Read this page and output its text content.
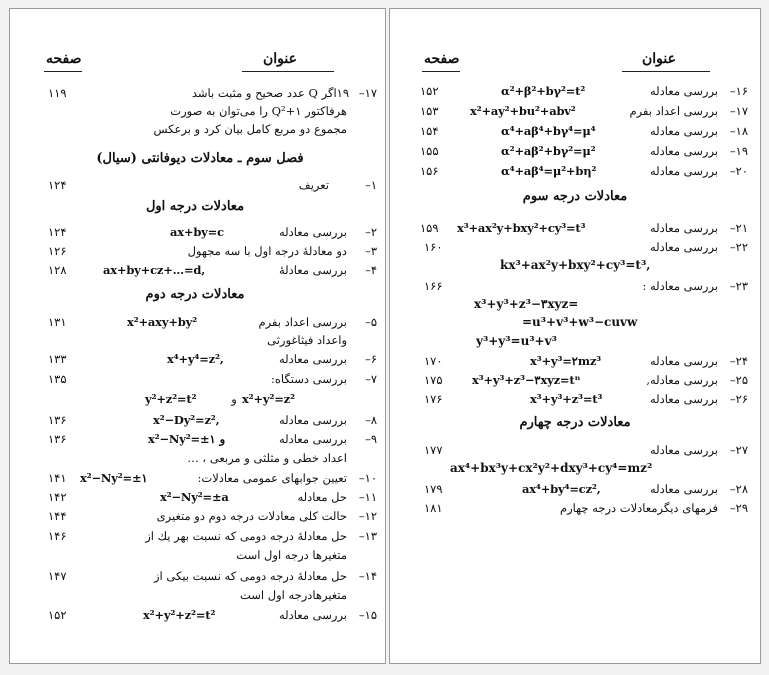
عنوان
صفحه
۱۱۹	۱۷–
۱۹اگر Q عدد صحیح و مثبت باشد
هرفاکتور ۱+Q² را می‌توان به صورت
مجموع دو مربع کامل بیان کرد و برعکس
فصل سوم ـ معادلات دیوفانتی (سیال)
۱۲۴	۱–
تعریف
معادلات درجه اول
۱۲۴	ax+by=c	بررسی معادله	۲–
۱۲۶	دو معادلهٔ درجه اول با سه مجهول	۳–
۱۲۸	ax+by+cz+…=d,	بررسی معادلهٔ	۴–
معادلات درجه دوم
۱۳۱	x²+axy+by²	بررسی اعداد بفرم	۵–
واعداد فیثاغورثی
۱۳۳	x⁴+y⁴=z²,	بررسی معادله	۶–
۱۳۵	بررسی دستگاه:	۷–
y²+z²=t²	و x²+y²=z²
۱۳۶	x²−Dy²=z²,	بررسی معادله	۸–
۱۳۶	x²−Ny²=±۱ و	بررسی معادله	۹–
اعداد خطی و مثلثی و مربعی ، …
۱۴۱	x²−Ny²=±۱	تعیین جوابهای عمومی معادلات:	۱۰–
۱۴۲	x²−Ny²=±a	حل معادله	۱۱–
۱۴۴	حالت کلی معادلات درجه دوم دو متغیری	۱۲–
۱۴۶	حل معادلهٔ درجه دومی که نسبت بهر یك از	۱۳–
متغیرها درجه اول است
۱۴۷	حل معادلهٔ درجه دومی که نسبت بیکی از	۱۴–
متغیرهادرجه اول است
۱۵۲	x²+y²+z²=t²	بررسی معادله	۱۵–
عنوان
صفحه
۱۵۲	α²+β²+bγ²=t²	بررسی معادله	۱۶–
۱۵۳	x²+ay²+bu²+abv²	بررسی اعداد بفرم	۱۷–
۱۵۴	α⁴+aβ⁴+bγ⁴=μ⁴	بررسی معادله	۱۸–
۱۵۵	α²+aβ²+bγ²=μ²	بررسی معادله	۱۹–
۱۵۶	α⁴+aβ⁴=μ²+bη²	بررسی معادله	۲۰–
معادلات درجه سوم
۱۵۹	x³+ax²y+bxy²+cy³=t³	بررسی معادله	۲۱–
۱۶۰	بررسی معادله	۲۲–
kx³+ax²y+bxy²+cy³=t³,
۱۶۶	بررسی معادله :	۲۳–
x³+y³+z³−۳xyz=
=u³+v³+w³−cuvw
y³+y³=u³+v³
۱۷۰	x³+y³=۲mz³	بررسی معادله	۲۴–
۱۷۵	x³+y³+z³−۳xyz=tⁿ	بررسی معادله,	۲۵–
۱۷۶	x³+y³+z³=t³	بررسی معادله	۲۶–
معادلات درجه چهارم
۱۷۷	بررسی معادله	۲۷–
ax⁴+bx³y+cx²y²+dxy³+cy⁴=mz²
۱۷۹	ax⁴+by⁴=cz²,	بررسی معادله	۲۸–
۱۸۱	فرمهای دیگرمعادلات درجه چهارم	۲۹–
